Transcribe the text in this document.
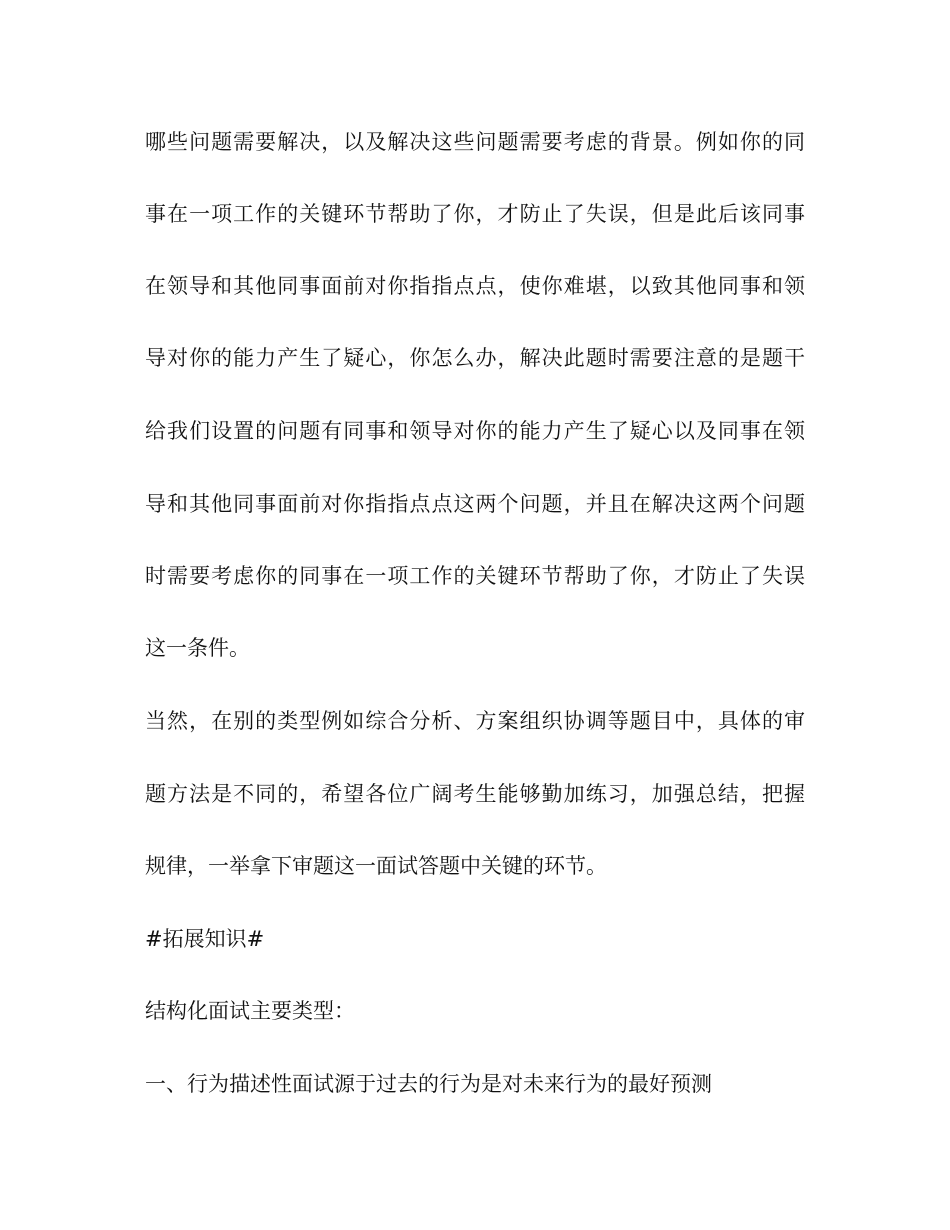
哪些问题需要解决，以及解决这些问题需要考虑的背景。例如你的同
事在一项工作的关键环节帮助了你，才防止了失误，但是此后该同事
在领导和其他同事面前对你指指点点，使你难堪，以致其他同事和领
导对你的能力产生了疑心，你怎么办，解决此题时需要注意的是题干
给我们设置的问题有同事和领导对你的能力产生了疑心以及同事在领
导和其他同事面前对你指指点点这两个问题，并且在解决这两个问题
时需要考虑你的同事在一项工作的关键环节帮助了你，才防止了失误
这一条件。
当然，在别的类型例如综合分析、方案组织协调等题目中，具体的审
题方法是不同的，希望各位广阔考生能够勤加练习，加强总结，把握
规律，一举拿下审题这一面试答题中关键的环节。
#拓展知识#
结构化面试主要类型：
一、行为描述性面试源于过去的行为是对未来行为的最好预测
